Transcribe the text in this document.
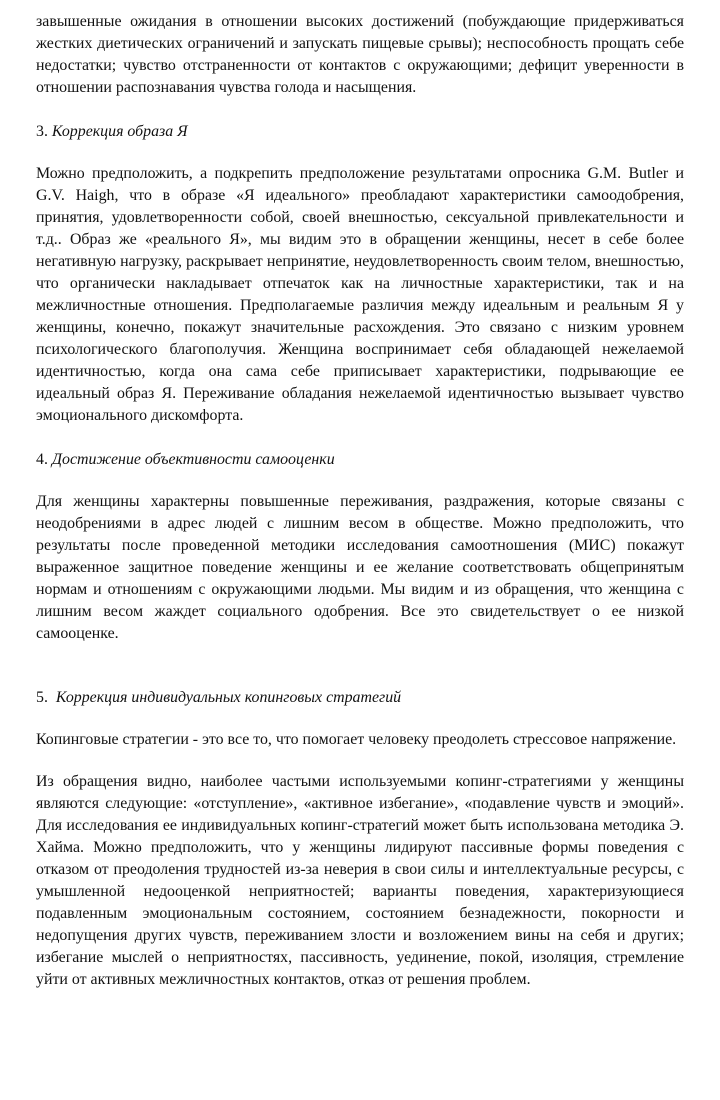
завышенные ожидания в отношении высоких достижений (побуждающие придерживаться жестких диетических ограничений и запускать пищевые срывы); неспособность прощать себе недостатки; чувство отстраненности от контактов с окружающими; дефицит уверенности в отношении распознавания чувства голода и насыщения.

3. Коррекция образа Я

Можно предположить, а подкрепить предположение результатами опросника G.M. Butler и G.V. Haigh, что в образе «Я идеального» преобладают характеристики самоодобрения, принятия, удовлетворенности собой, своей внешностью, сексуальной привлекательности и т.д.. Образ же «реального Я», мы видим это в обращении женщины, несет в себе более негативную нагрузку, раскрывает непринятие, неудовлетворенность своим телом, внешностью, что органически накладывает отпечаток как на личностные характеристики, так и на межличностные отношения. Предполагаемые различия между идеальным и реальным Я у женщины, конечно, покажут значительные расхождения. Это связано с низким уровнем психологического благополучия. Женщина воспринимает себя обладающей нежелаемой идентичностью, когда она сама себе приписывает характеристики, подрывающие ее идеальный образ Я. Переживание обладания нежелаемой идентичностью вызывает чувство эмоционального дискомфорта.

4. Достижение объективности самооценки

Для женщины характерны повышенные переживания, раздражения, которые связаны с неодобрениями в адрес людей с лишним весом в обществе. Можно предположить, что результаты после проведенной методики исследования самоотношения (МИС) покажут выраженное защитное поведение женщины и ее желание соответствовать общепринятым нормам и отношениям с окружающими людьми. Мы видим и из обращения, что женщина с лишним весом жаждет социального одобрения. Все это свидетельствует о ее низкой самооценке.

5. Коррекция индивидуальных копинговых стратегий

Копинговые стратегии - это все то, что помогает человеку преодолеть стрессовое напряжение.

Из обращения видно, наиболее частыми используемыми копинг-стратегиями у женщины являются следующие: «отступление», «активное избегание», «подавление чувств и эмоций». Для исследования ее индивидуальных копинг-стратегий может быть использована методика Э. Хайма. Можно предположить, что у женщины лидируют пассивные формы поведения с отказом от преодоления трудностей из-за неверия в свои силы и интеллектуальные ресурсы, с умышленной недооценкой неприятностей; варианты поведения, характеризующиеся подавленным эмоциональным состоянием, состоянием безнадежности, покорности и недопущения других чувств, переживанием злости и возложением вины на себя и других; избегание мыслей о неприятностях, пассивность, уединение, покой, изоляция, стремление уйти от активных межличностных контактов, отказ от решения проблем.
